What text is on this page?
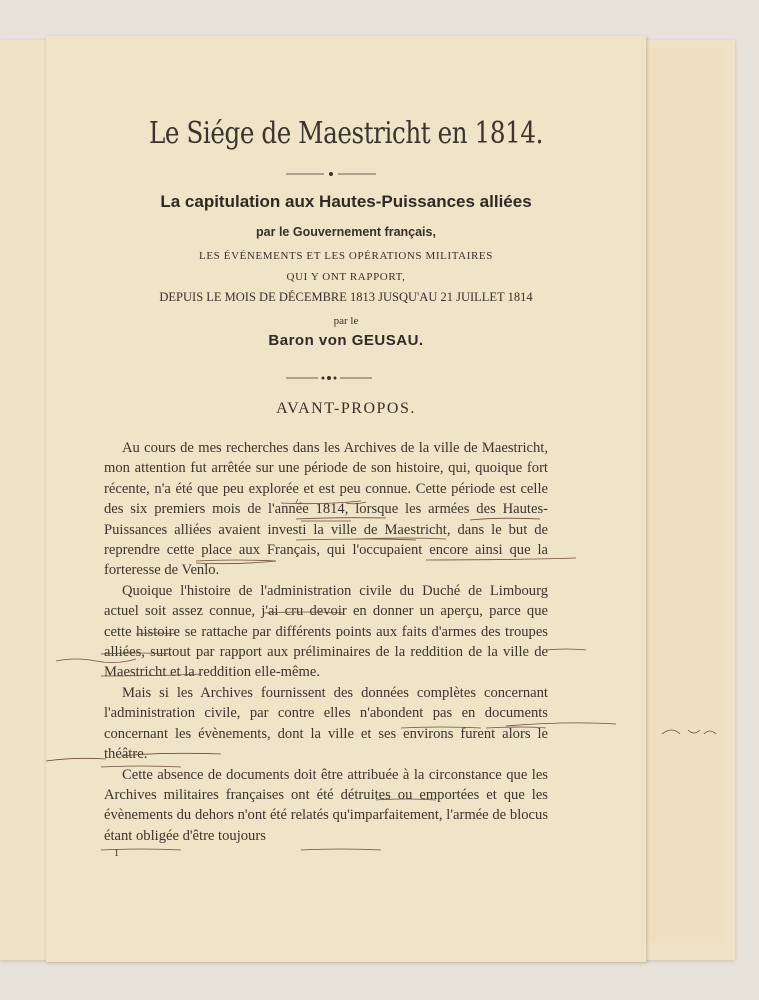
Le Siége de Maestricht en 1814.
La capitulation aux Hautes-Puissances alliées
par le Gouvernement français,
LES ÉVÉNEMENTS ET LES OPÉRATIONS MILITAIRES
QUI Y ONT RAPPORT,
DEPUIS LE MOIS DE DÉCEMBRE 1813 JUSQU'AU 21 JUILLET 1814
par le
Baron von GEUSAU.
AVANT-PROPOS.

Au cours de mes recherches dans les Archives de la ville de Maestricht, mon attention fut arrêtée sur une période de son histoire, qui, quoique fort récente, n'a été que peu explorée et est peu connue. Cette période est celle des six premiers mois de l'année 1814, lorsque les armées des Hautes-Puissances alliées avaient investi la ville de Maestricht, dans le but de reprendre cette place aux Français, qui l'occupaient encore ainsi que la forteresse de Venlo.

Quoique l'histoire de l'administration civile du Duché de Limbourg actuel soit assez connue, j'ai cru devoir en donner un aperçu, parce que cette histoire se rattache par différents points aux faits d'armes des troupes alliées, surtout par rapport aux préliminaires de la reddition de la ville de Maestricht et la reddition elle-même.

Mais si les Archives fournissent des données complètes concernant l'administration civile, par contre elles n'abondent pas en documents concernant les évènements, dont la ville et ses environs furent alors le théâtre.

Cette absence de documents doit être attribuée à la circonstance que les Archives militaires françaises ont été détruites ou emportées et que les évènements du dehors n'ont été relatés qu'imparfaitement, l'armée de blocus étant obligée d'être toujours

1
